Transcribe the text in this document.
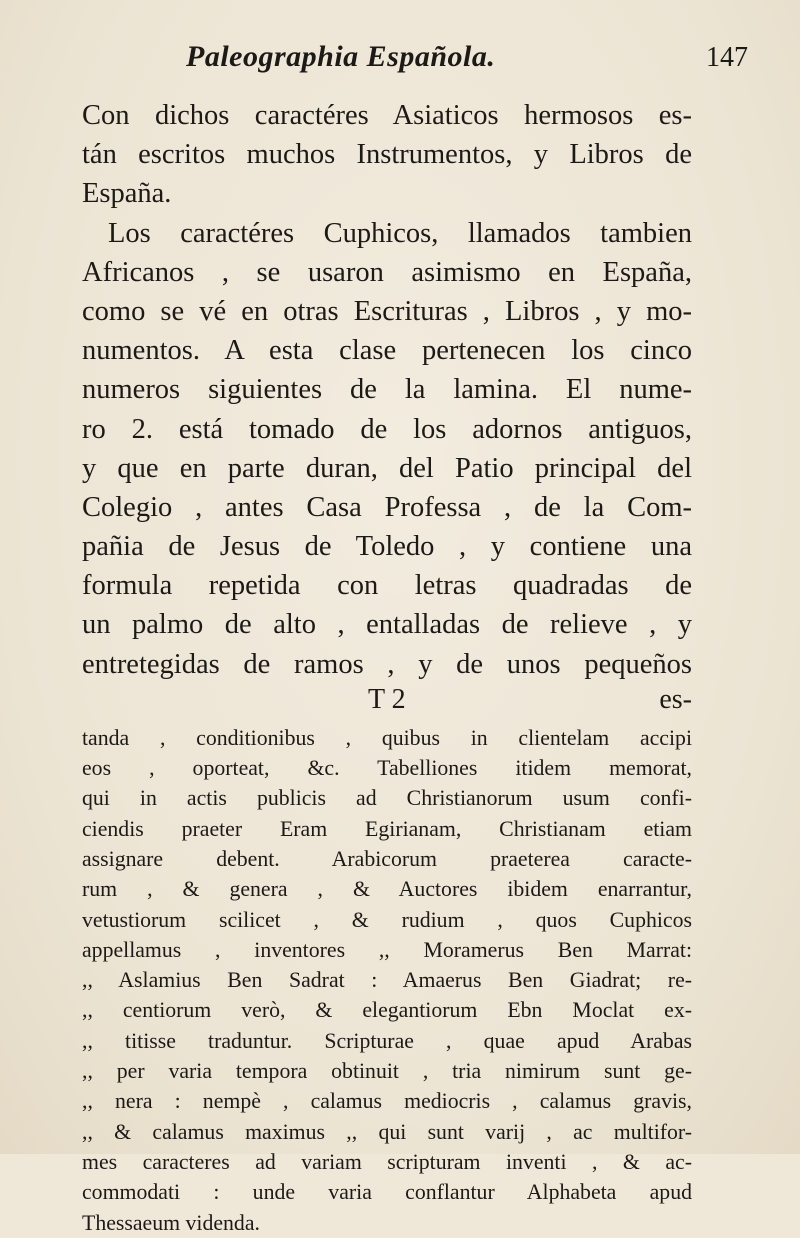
Paleographia Española.	147
Con dichos caractéres Asiaticos hermosos es-
tán escritos muchos Instrumentos, y Libros de
España.
Los caractéres Cuphicos, llamados tambien
Africanos , se usaron asimismo en España,
como se vé en otras Escrituras , Libros , y mo-
numentos. A esta clase pertenecen los cinco
numeros siguientes de la lamina. El nume-
ro 2. está tomado de los adornos antiguos,
y que en parte duran, del Patio principal del
Colegio , antes Casa Professa , de la Com-
pañia de Jesus de Toledo , y contiene una
formula repetida con letras quadradas de
un palmo de alto , entalladas de relieve , y
entretegidas de ramos , y de unos pequeños
T 2	es-
tanda , conditionibus , quibus in clientelam accipi
eos , oporteat, &c. Tabelliones itidem memorat,
qui in actis publicis ad Christianorum usum confi-
ciendis praeter Eram Egirianam, Christianam etiam
assignare debent. Arabicorum praeterea caracte-
rum , & genera , & Auctores ibidem enarrantur,
vetustiorum scilicet , & rudium , quos Cuphicos
appellamus , inventores ,, Moramerus Ben Marrat:
,, Aslamius Ben Sadrat : Amaerus Ben Giadrat; re-
,, centiorum verò, & elegantiorum Ebn Moclat ex-
,, titisse traduntur. Scripturae , quae apud Arabas
,, per varia tempora obtinuit , tria nimirum sunt ge-
,, nera : nempè , calamus mediocris , calamus gravis,
,, & calamus maximus ,, qui sunt varij , ac multifor-
mes caracteres ad variam scripturam inventi , & ac-
commodati : unde varia conflantur Alphabeta apud
Thessaeum videnda.
